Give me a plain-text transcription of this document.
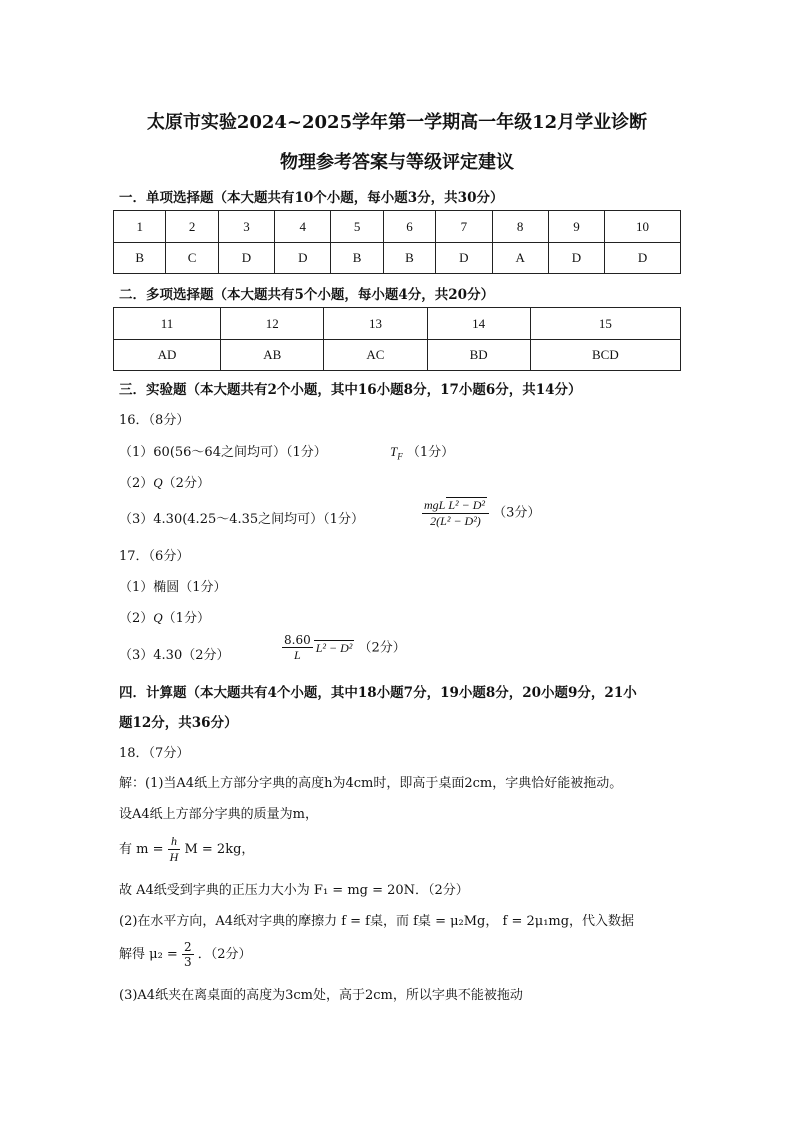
太原市实验2024~2025学年第一学期高一年级12月学业诊断
物理参考答案与等级评定建议
一．单项选择题（本大题共有10个小题，每小题3分，共30分）
1	2	3	4	5	6	7	8	9	10
B	C	D	D	B	B	D	A	D	D
二．多项选择题（本大题共有5个小题，每小题4分，共20分）
11	12	13	14	15
AD	AB	AC	BD	BCD
三．实验题（本大题共有2个小题，其中16小题8分，17小题6分，共14分）
16．（8分）
（1）60(56～64之间均可）（1分）	$T_F$ （1分）
（2）Q（2分）
（3）4.30(4.25～4.35之间均可）（1分）	$\frac{\text{mgL L² − D²}}{\text{2(L² − D²)}} (3$分）
17．（6分）
（1）椭圆（1分）
（2）Q（1分）
（3）4.30（2分）	$\frac{8.60}{L} L^2 - D^2$ （2分）
四．计算题（本大题共有4个小题，其中18小题7分，19小题8分，20小题9分，21小
题12分，共36分）
18．（7分）
解：(1)当A4纸上方部分字典的高度h为4cm时，即高于桌面2cm，字典恰好能被拖动。
设A4纸上方部分字典的质量为m，
有 $m = \frac{h}{H}$ M = 2kg，
故 A4纸受到字典的正压力大小为 F₁ = mg = 20N．（2分）
(2)在水平方向，A4纸对字典的摩擦力 f = f桌，而 f桌 = μ₂Mg， f = 2μ₁mg，代入数据
解得 $\mu_2 = \frac{2}{3}$ ．（2分）
(3)A4纸夹在离桌面的高度为3cm处，高于2cm，所以字典不能被拖动
